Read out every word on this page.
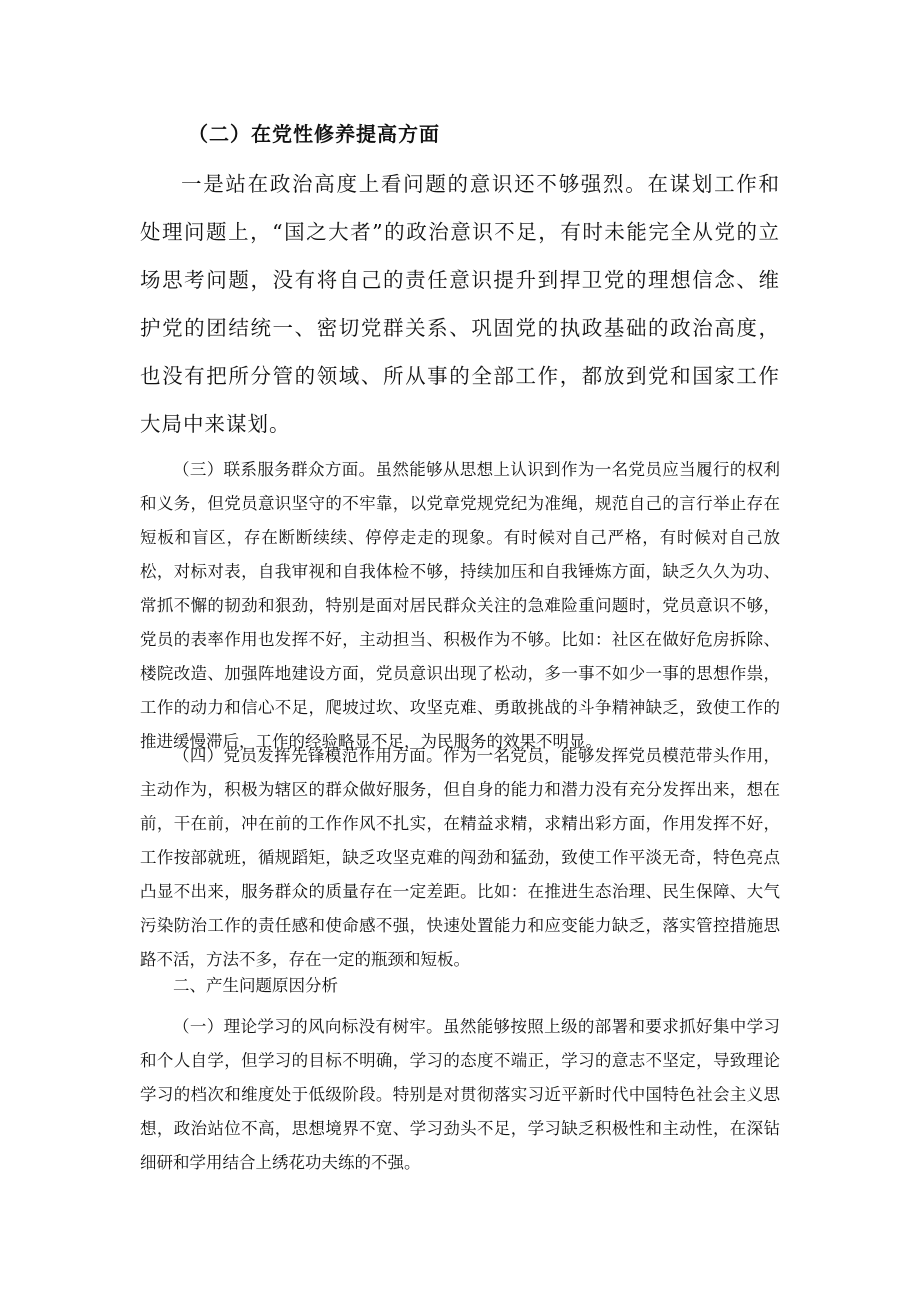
（二）在党性修养提高方面
一是站在政治高度上看问题的意识还不够强烈。在谋划工作和处理问题上，“国之大者”的政治意识不足，有时未能完全从党的立场思考问题，没有将自己的责任意识提升到捍卫党的理想信念、维护党的团结统一、密切党群关系、巩固党的执政基础的政治高度，也没有把所分管的领域、所从事的全部工作，都放到党和国家工作大局中来谋划。
（三）联系服务群众方面。虽然能够从思想上认识到作为一名党员应当履行的权利和义务，但党员意识坚守的不牢靠，以党章党规党纪为准绳，规范自己的言行举止存在短板和盲区，存在断断续续、停停走走的现象。有时候对自己严格，有时候对自己放松，对标对表，自我审视和自我体检不够，持续加压和自我锤炼方面，缺乏久久为功、常抓不懈的韧劲和狠劲，特别是面对居民群众关注的急难险重问题时，党员意识不够，党员的表率作用也发挥不好，主动担当、积极作为不够。比如：社区在做好危房拆除、楼院改造、加强阵地建设方面，党员意识出现了松动，多一事不如少一事的思想作祟，工作的动力和信心不足，爬坡过坎、攻坚克难、勇敢挑战的斗争精神缺乏，致使工作的推进缓慢滞后，工作的经验略显不足，为民服务的效果不明显。
（四）党员发挥先锋模范作用方面。作为一名党员，能够发挥党员模范带头作用，主动作为，积极为辖区的群众做好服务，但自身的能力和潜力没有充分发挥出来，想在前，干在前，冲在前的工作作风不扎实，在精益求精，求精出彩方面，作用发挥不好，工作按部就班，循规蹈矩，缺乏攻坚克难的闯劲和猛劲，致使工作平淡无奇，特色亮点凸显不出来，服务群众的质量存在一定差距。比如：在推进生态治理、民生保障、大气污染防治工作的责任感和使命感不强，快速处置能力和应变能力缺乏，落实管控措施思路不活，方法不多，存在一定的瓶颈和短板。
二、产生问题原因分析
（一）理论学习的风向标没有树牢。虽然能够按照上级的部署和要求抓好集中学习和个人自学，但学习的目标不明确，学习的态度不端正，学习的意志不坚定，导致理论学习的档次和维度处于低级阶段。特别是对贯彻落实习近平新时代中国特色社会主义思想，政治站位不高，思想境界不宽、学习劲头不足，学习缺乏积极性和主动性，在深钻细研和学用结合上绣花功夫练的不强。
